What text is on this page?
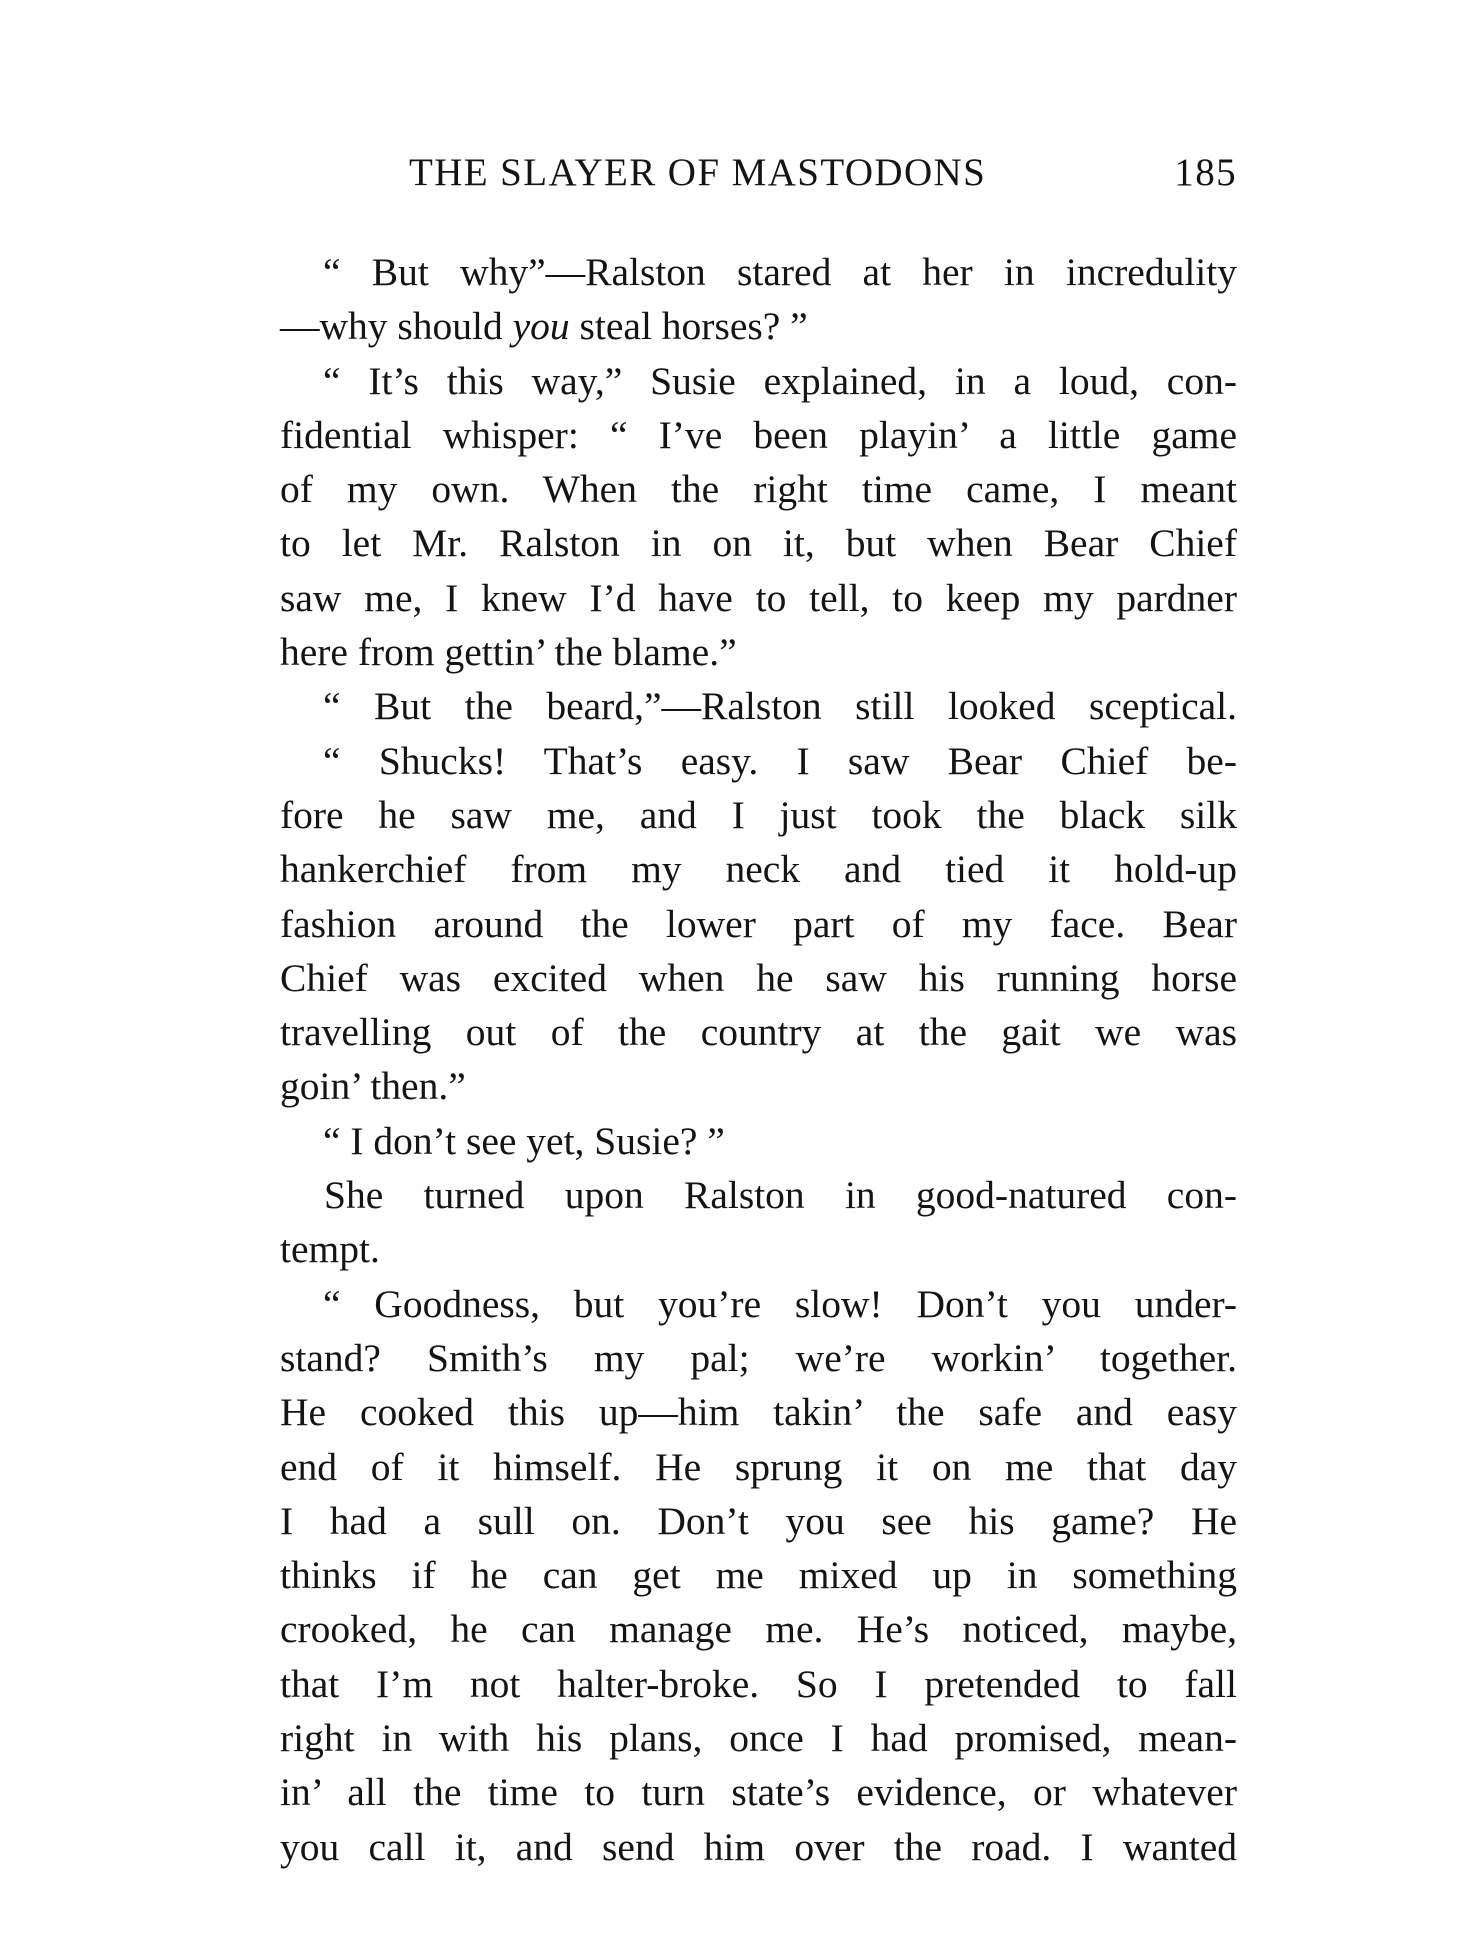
THE SLAYER OF MASTODONS	185
“ But why”—Ralston stared at her in incredulity
—why should you steal horses? ”
“ It’s this way,” Susie explained, in a loud, con-
fidential whisper: “ I’ve been playin’ a little game
of my own. When the right time came, I meant
to let Mr. Ralston in on it, but when Bear Chief
saw me, I knew I’d have to tell, to keep my pardner
here from gettin’ the blame.”
“ But the beard,”—Ralston still looked sceptical.
“ Shucks! That’s easy. I saw Bear Chief be-
fore he saw me, and I just took the black silk
hankerchief from my neck and tied it hold-up
fashion around the lower part of my face. Bear
Chief was excited when he saw his running horse
travelling out of the country at the gait we was
goin’ then.”
“ I don’t see yet, Susie? ”
She turned upon Ralston in good-natured con-
tempt.
“ Goodness, but you’re slow! Don’t you under-
stand? Smith’s my pal; we’re workin’ together.
He cooked this up—him takin’ the safe and easy
end of it himself. He sprung it on me that day
I had a sull on. Don’t you see his game? He
thinks if he can get me mixed up in something
crooked, he can manage me. He’s noticed, maybe,
that I’m not halter-broke. So I pretended to fall
right in with his plans, once I had promised, mean-
in’ all the time to turn state’s evidence, or whatever
you call it, and send him over the road. I wanted
